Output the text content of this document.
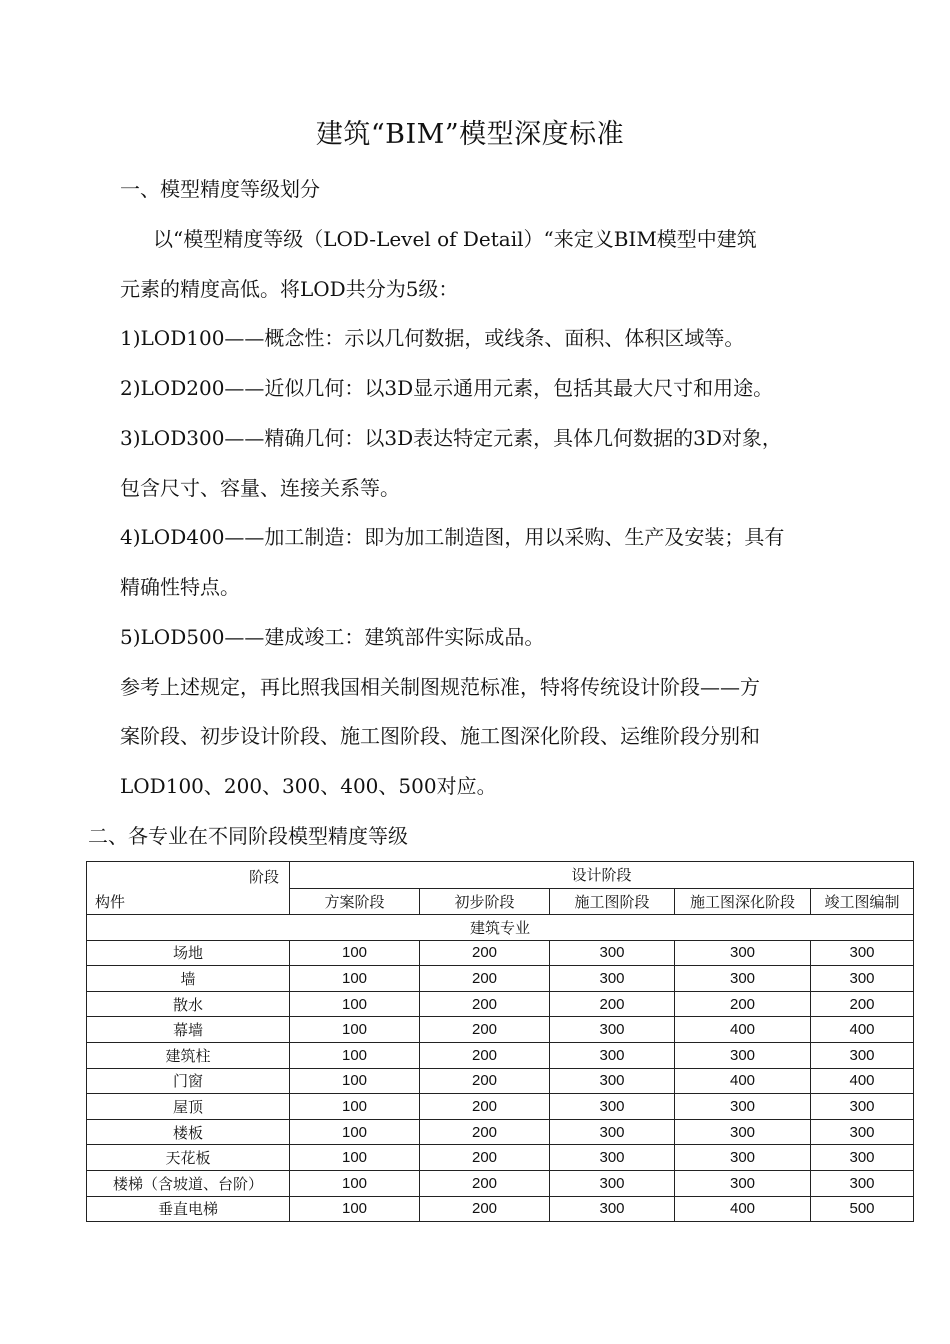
建筑“BIM”模型深度标准
一、模型精度等级划分
以“模型精度等级（LOD-Level of Detail）“来定义BIM模型中建筑
元素的精度高低。将LOD共分为5级：
1)LOD100——概念性：示以几何数据，或线条、面积、体积区域等。
2)LOD200——近似几何：以3D显示通用元素，包括其最大尺寸和用途。
3)LOD300——精确几何：以3D表达特定元素，具体几何数据的3D对象，
包含尺寸、容量、连接关系等。
4)LOD400——加工制造：即为加工制造图，用以采购、生产及安装；具有
精确性特点。
5)LOD500——建成竣工：建筑部件实际成品。
参考上述规定，再比照我国相关制图规范标准，特将传统设计阶段——方
案阶段、初步设计阶段、施工图阶段、施工图深化阶段、运维阶段分别和
LOD100、200、300、400、500对应。
二、各专业在不同阶段模型精度等级
阶段
构件	设计阶段				
	方案阶段	初步阶段	施工图阶段	施工图深化阶段	竣工图编制
建筑专业					
场地	100	200	300	300	300
墙	100	200	300	300	300
散水	100	200	200	200	200
幕墙	100	200	300	400	400
建筑柱	100	200	300	300	300
门窗	100	200	300	400	400
屋顶	100	200	300	300	300
楼板	100	200	300	300	300
天花板	100	200	300	300	300
楼梯（含坡道、台阶）	100	200	300	300	300
垂直电梯	100	200	300	400	500
